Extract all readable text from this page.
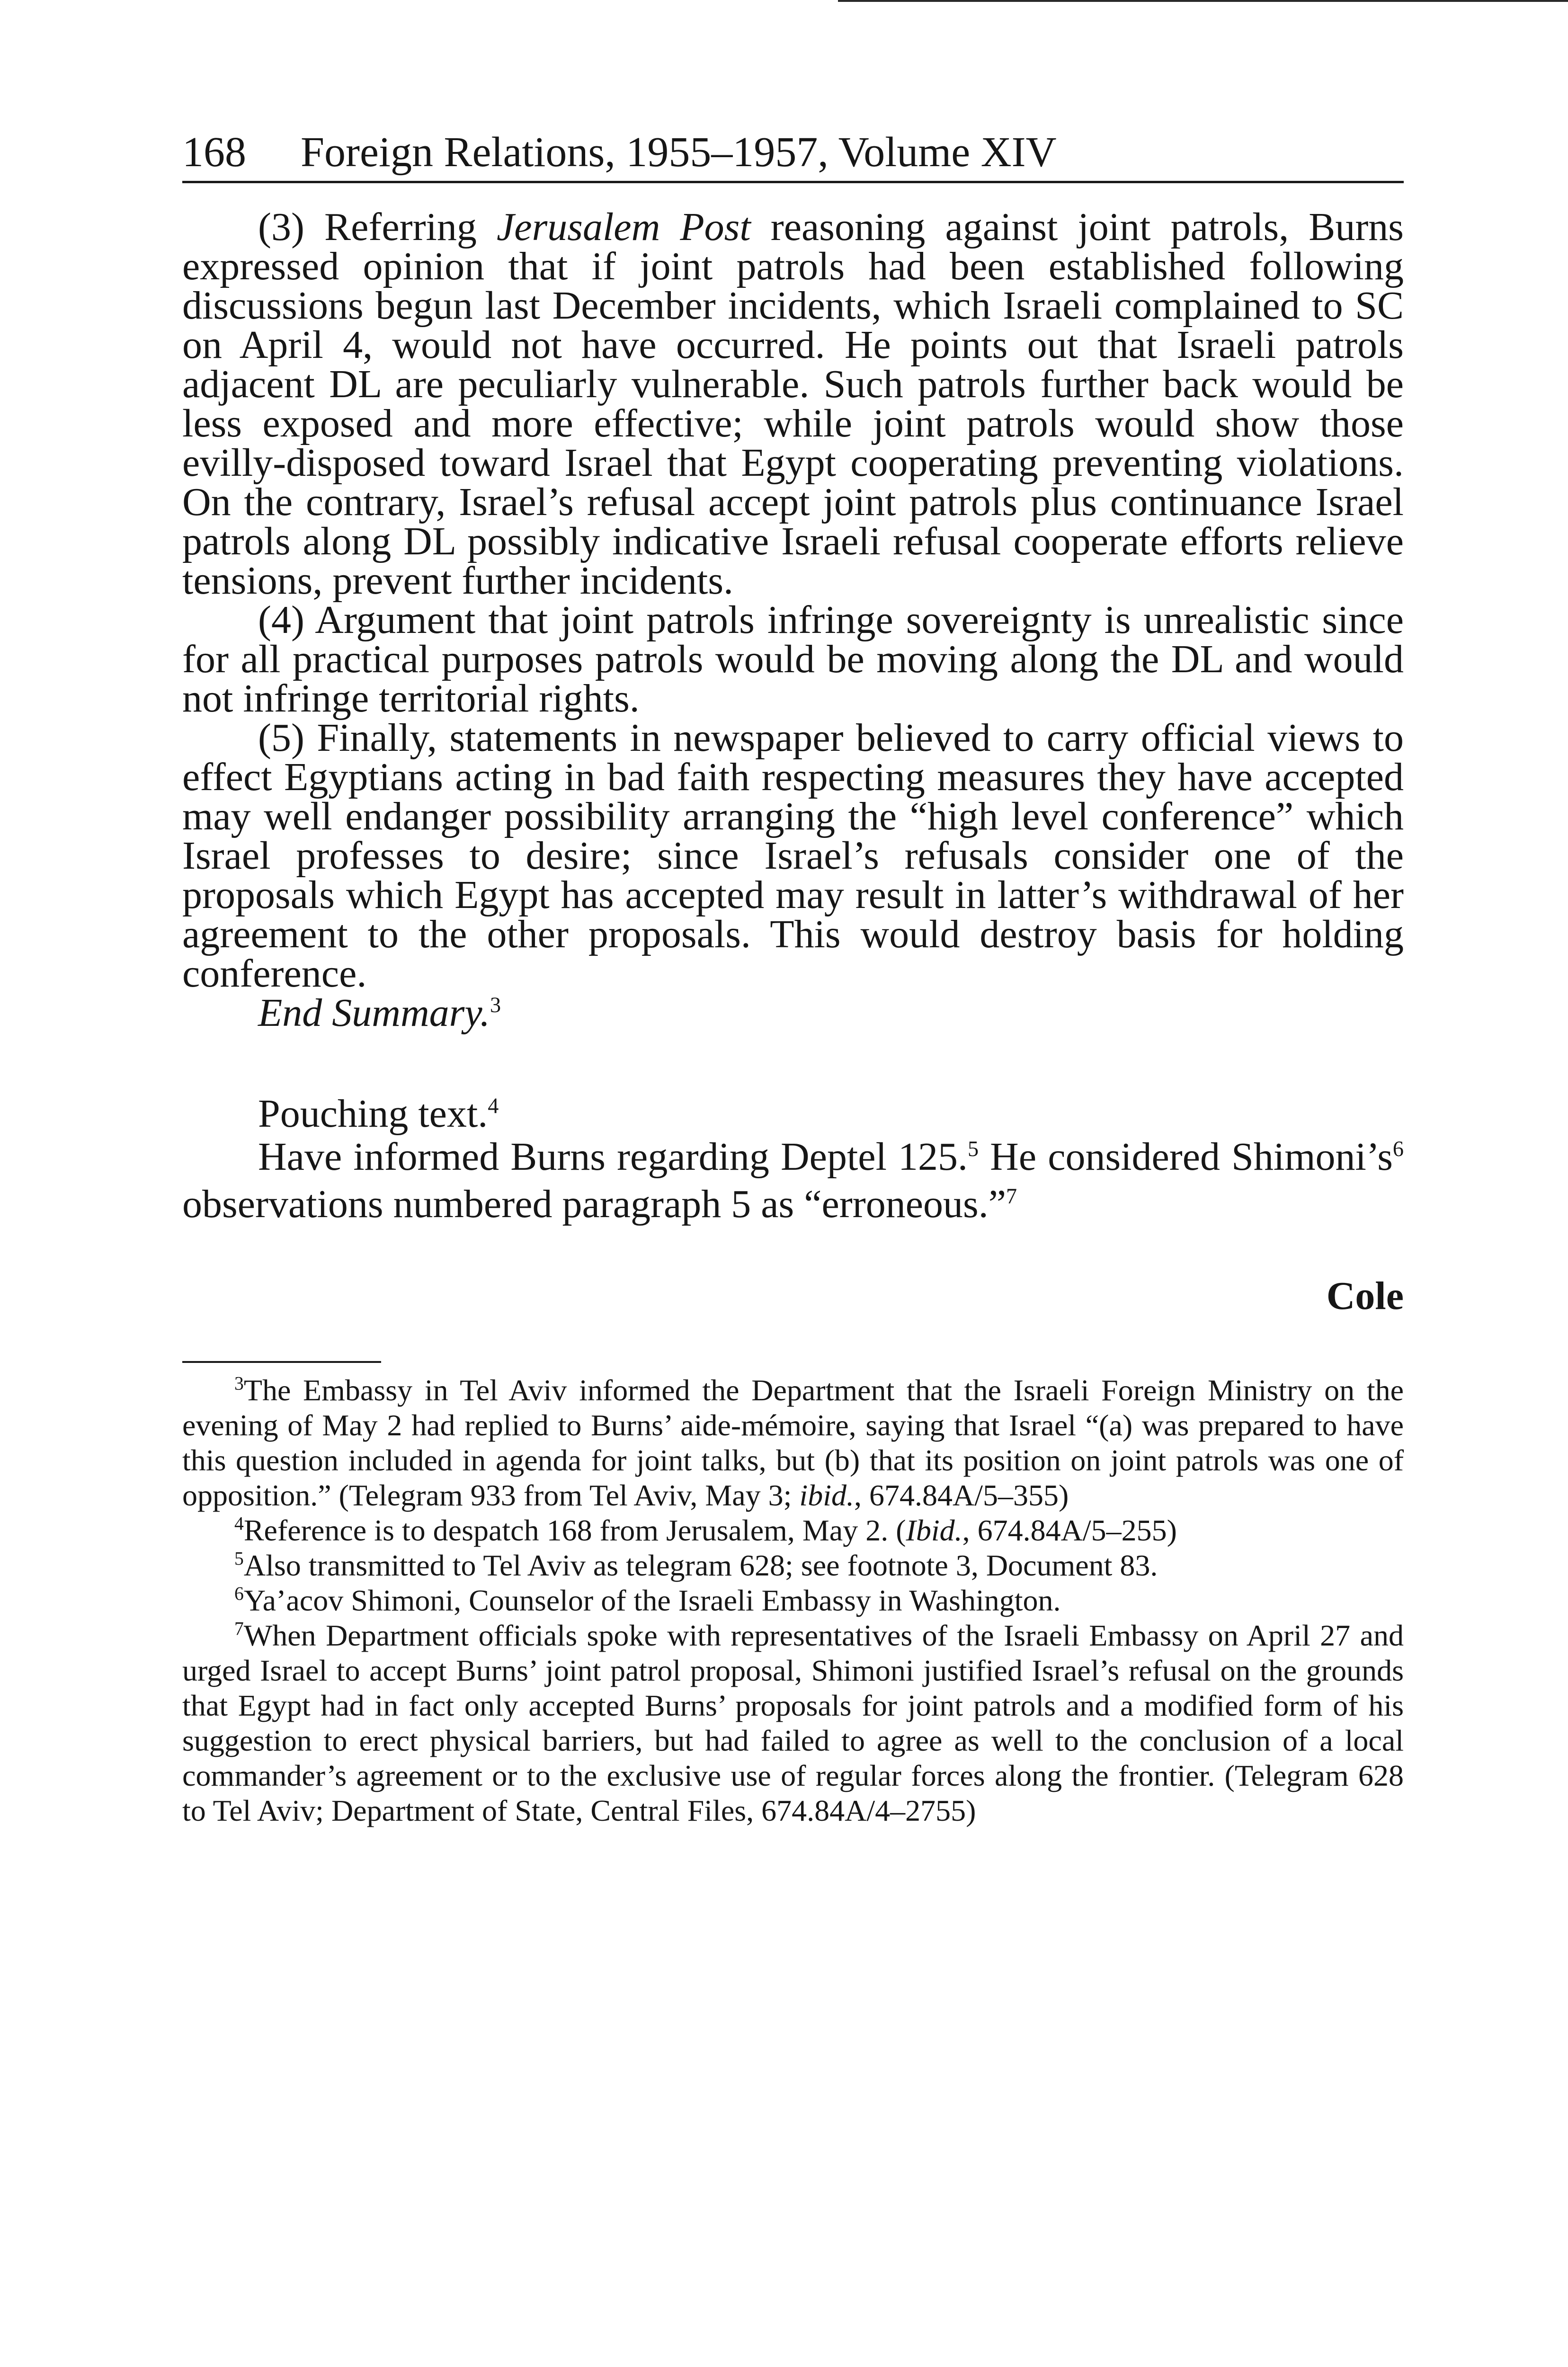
168 Foreign Relations, 1955–1957, Volume XIV

(3) Referring Jerusalem Post reasoning against joint patrols, Burns expressed opinion that if joint patrols had been established following discussions begun last December incidents, which Israeli complained to SC on April 4, would not have occurred. He points out that Israeli patrols adjacent DL are peculiarly vulnerable. Such patrols further back would be less exposed and more effective; while joint patrols would show those evilly-disposed toward Israel that Egypt cooperating preventing violations. On the contrary, Israel’s refusal accept joint patrols plus continuance Israel patrols along DL possibly indicative Israeli refusal cooperate efforts relieve tensions, prevent further incidents.

(4) Argument that joint patrols infringe sovereignty is unrealistic since for all practical purposes patrols would be moving along the DL and would not infringe territorial rights.

(5) Finally, statements in newspaper believed to carry official views to effect Egyptians acting in bad faith respecting measures they have accepted may well endanger possibility arranging the “high level conference” which Israel professes to desire; since Israel’s refusals consider one of the proposals which Egypt has accepted may result in latter’s withdrawal of her agreement to the other proposals. This would destroy basis for holding conference.

End Summary.$^3$

Pouching text.$^4$

Have informed Burns regarding Deptel 125.$^5$ He considered $Shimoni’s^6$ observations numbered paragraph 5 as “erroneous.”$^7$

Cole

$^3$The Embassy in Tel Aviv informed the Department that the Israeli Foreign Ministry on the evening of May 2 had replied to Burns’ aide-mémoire, saying that Israel “(a) was prepared to have this question included in agenda for joint talks, but (b) that its position on joint patrols was one of opposition.” (Telegram 933 from Tel Aviv, May 3; ibid., 674.84A/5–355)

$^4$Reference is to despatch 168 from Jerusalem, May 2. (Ibid., 674.84A/5–255)

$^5$Also transmitted to Tel Aviv as telegram 628; see footnote 3, Document 83.

$^6$Ya’acov Shimoni, Counselor of the Israeli Embassy in Washington.

$^7$When Department officials spoke with representatives of the Israeli Embassy on April 27 and urged Israel to accept Burns’ joint patrol proposal, Shimoni justified Israel’s refusal on the grounds that Egypt had in fact only accepted Burns’ proposals for joint patrols and a modified form of his suggestion to erect physical barriers, but had failed to agree as well to the conclusion of a local commander’s agreement or to the exclusive use of regular forces along the frontier. (Telegram 628 to Tel Aviv; Department of State, Central Files, 674.84A/4–2755)
